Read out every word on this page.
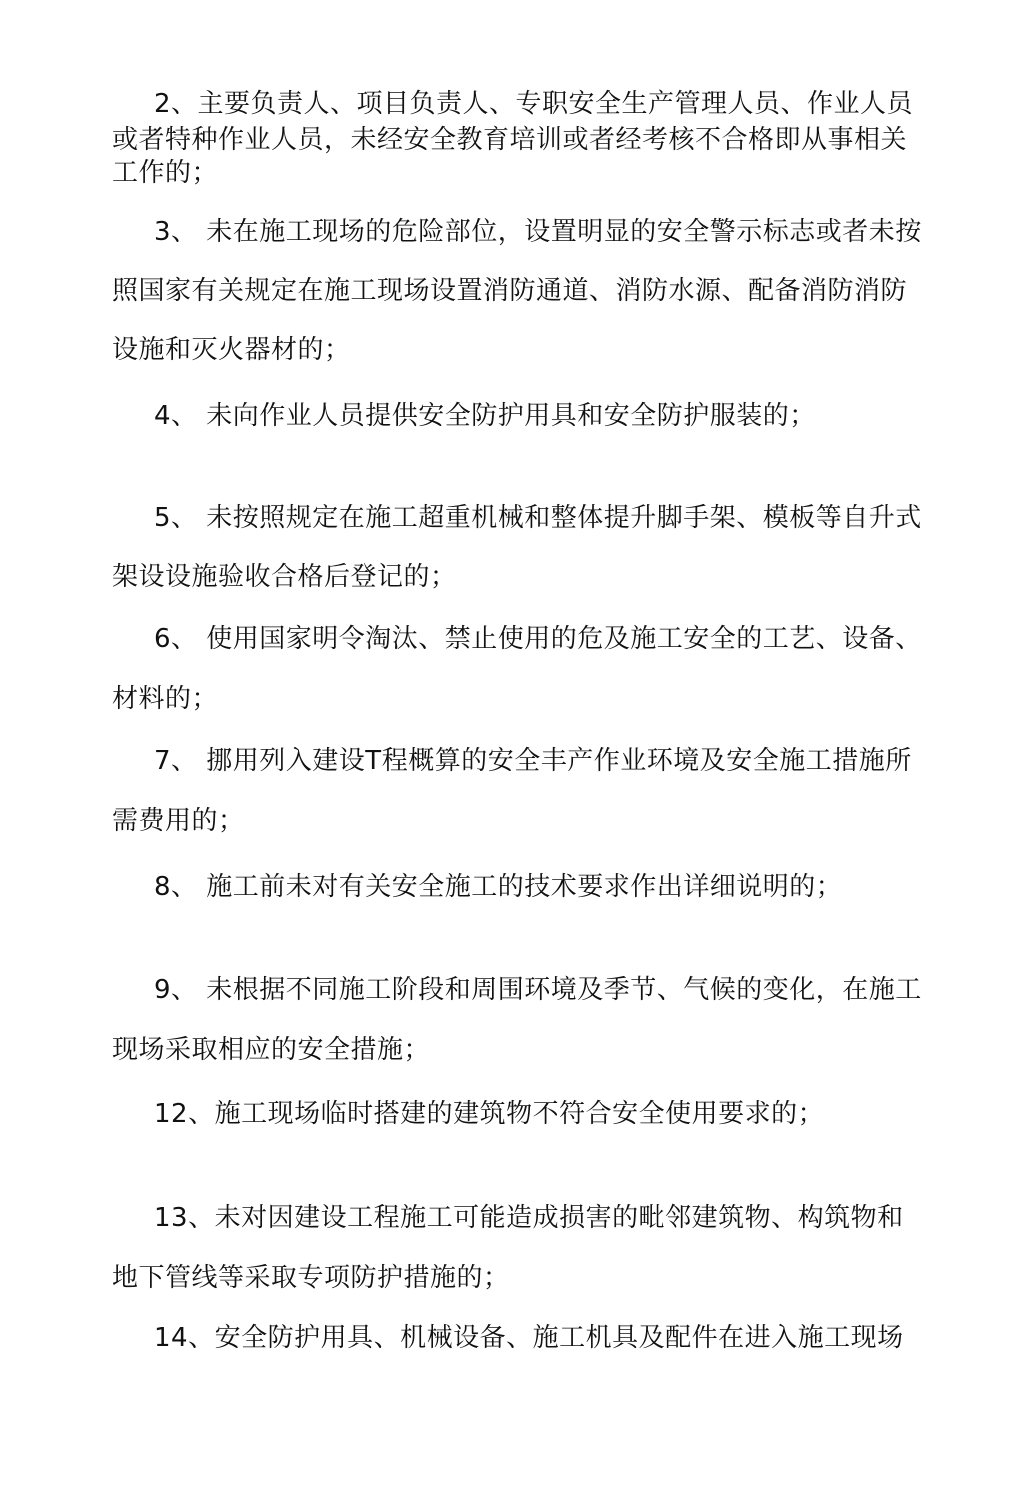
2、主要负责人、项目负责人、专职安全生产管理人员、作业人员
或者特种作业人员，未经安全教育培训或者经考核不合格即从事相关
工作的；
3、 未在施工现场的危险部位，设置明显的安全警示标志或者未按
照国家有关规定在施工现场设置消防通道、消防水源、配备消防消防
设施和灭火器材的；
4、 未向作业人员提供安全防护用具和安全防护服装的；
5、 未按照规定在施工超重机械和整体提升脚手架、模板等自升式
架设设施验收合格后登记的；
6、 使用国家明令淘汰、禁止使用的危及施工安全的工艺、设备、
材料的；
7、 挪用列入建设T程概算的安全丰产作业环境及安全施工措施所
需费用的；
8、 施工前未对有关安全施工的技术要求作出详细说明的；
9、 未根据不同施工阶段和周围环境及季节、气候的变化，在施工
现场采取相应的安全措施；
12、施工现场临时搭建的建筑物不符合安全使用要求的；
13、未对因建设工程施工可能造成损害的毗邻建筑物、构筑物和
地下管线等采取专项防护措施的；
14、安全防护用具、机械设备、施工机具及配件在进入施工现场
